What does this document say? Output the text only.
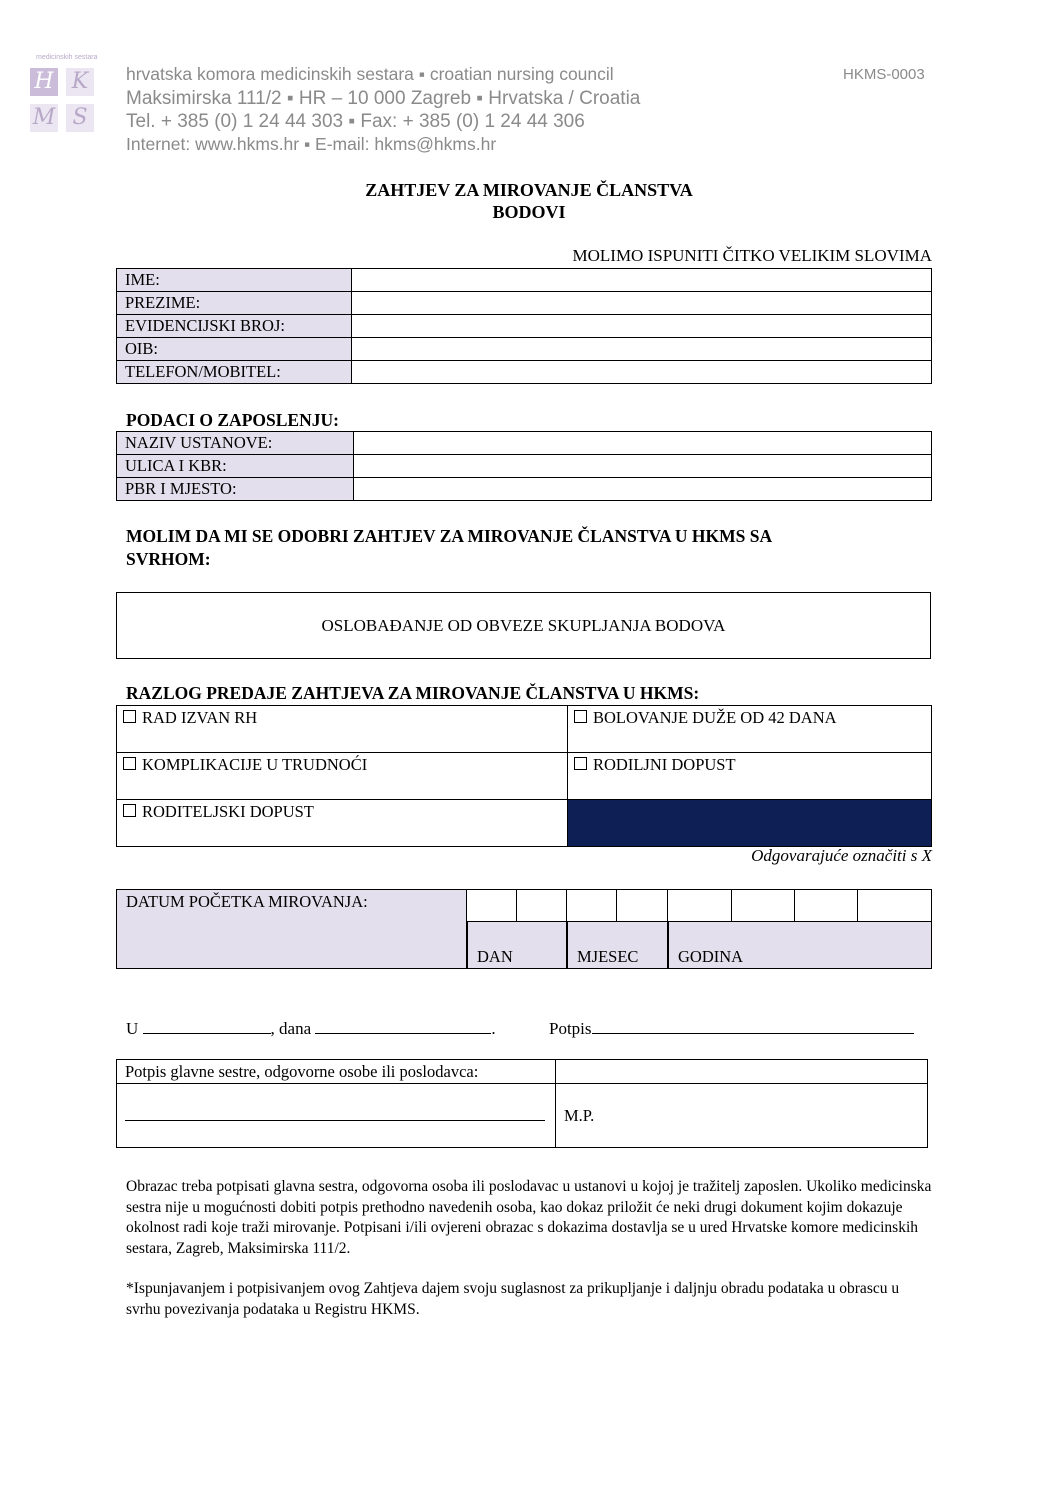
medicinskih sestara
H K
M S
hrvatska komora medicinskih sestara ▪ croatian nursing council
Maksimirska 111/2 ▪ HR – 10 000 Zagreb ▪ Hrvatska / Croatia
Tel. + 385 (0) 1 24 44 303 ▪ Fax: + 385 (0) 1 24 44 306
Internet: www.hkms.hr ▪ E-mail: hkms@hkms.hr
HKMS-0003
ZAHTJEV ZA MIROVANJE ČLANSTVA
BODOVI
MOLIMO ISPUNITI ČITKO VELIKIM SLOVIMA
IME:	
PREZIME:	
EVIDENCIJSKI BROJ:	
OIB:	
TELEFON/MOBITEL:	
PODACI O ZAPOSLENJU:
NAZIV USTANOVE:	
ULICA I KBR:	
PBR I MJESTO:	
MOLIM DA MI SE ODOBRI ZAHTJEV ZA MIROVANJE ČLANSTVA U HKMS SA
SVRHOM:
OSLOBAĐANJE OD OBVEZE SKUPLJANJA BODOVA
RAZLOG PREDAJE ZAHTJEVA ZA MIROVANJE ČLANSTVA U HKMS:
RAD IZVAN RH	BOLOVANJE DUŽE OD 42 DANA
KOMPLIKACIJE U TRUDNOĆI	RODILJNI DOPUST
RODITELJSKI DOPUST	
Odgovarajuće označiti s X
DATUM POČETKA MIROVANJA:
DAN	MJESEC GODINA
U	, dana	.	Potpis
Potpis glavne sestre, odgovorne osobe ili poslodavca:	

	M.P.
Obrazac treba potpisati glavna sestra, odgovorna osoba ili poslodavac u ustanovi u kojoj je tražitelj zaposlen. Ukoliko medicinska sestra nije u mogućnosti dobiti potpis prethodno navedenih osoba, kao dokaz priložit će neki drugi dokument kojim dokazuje okolnost radi koje traži mirovanje. Potpisani i/ili ovjereni obrazac s dokazima dostavlja se u ured Hrvatske komore medicinskih sestara, Zagreb, Maksimirska 111/2.
*Ispunjavanjem i potpisivanjem ovog Zahtjeva dajem svoju suglasnost za prikupljanje i daljnju obradu podataka u obrascu u svrhu povezivanja podataka u Registru HKMS.
